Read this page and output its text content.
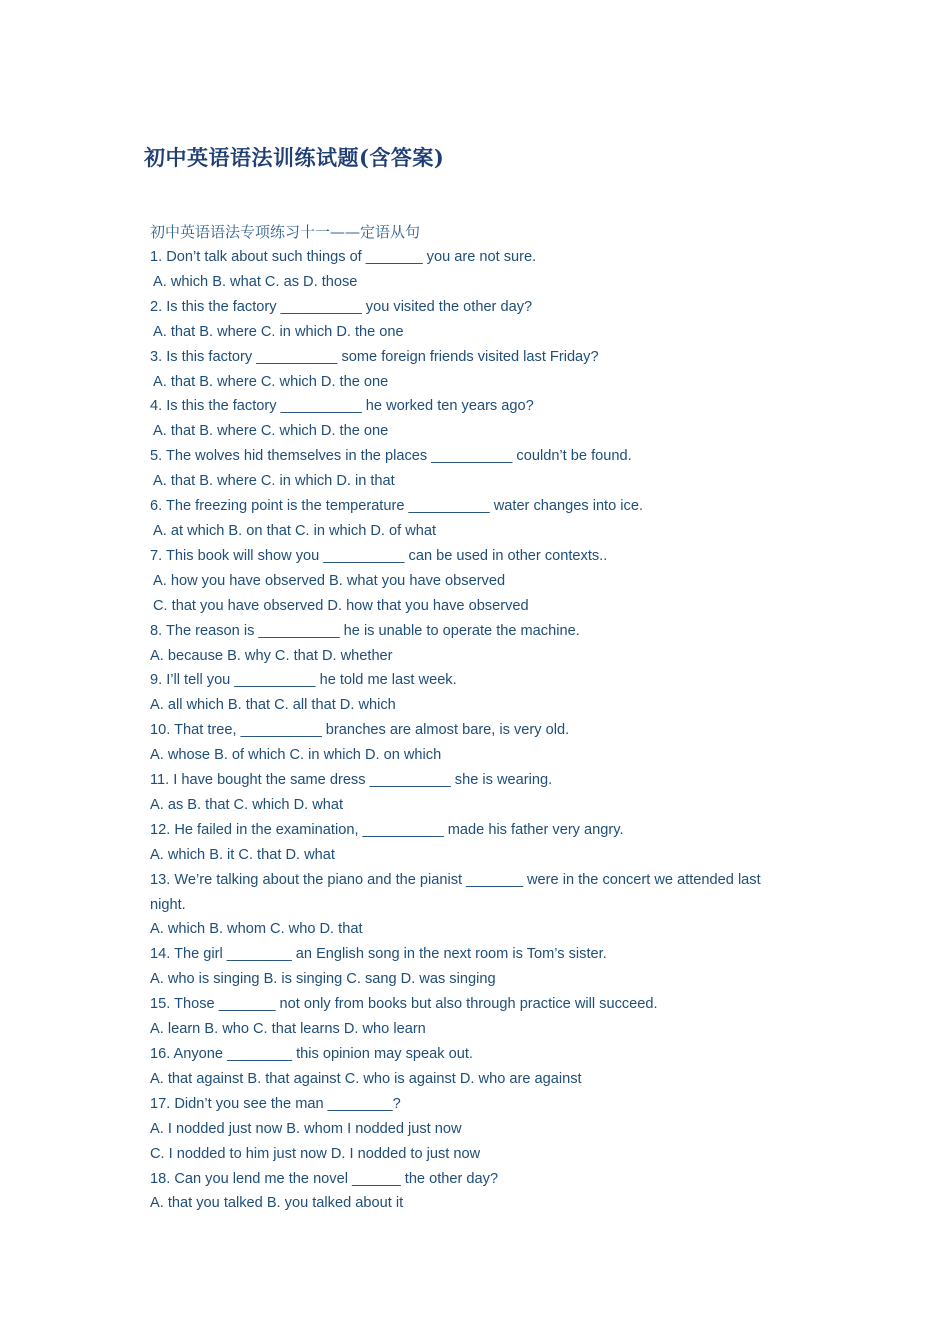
初中英语语法训练试题(含答案)
初中英语语法专项练习十一——定语从句
1. Don’t talk about such things of _______ you are not sure.
A. which B. what C. as D. those
2. Is this the factory __________ you visited the other day?
A. that B. where C. in which D. the one
3. Is this factory __________ some foreign friends visited last Friday?
A. that B. where C. which D. the one
4. Is this the factory __________ he worked ten years ago?
A. that B. where C. which D. the one
5. The wolves hid themselves in the places __________ couldn’t be found.
A. that B. where C. in which D. in that
6. The freezing point is the temperature __________ water changes into ice.
A. at which B. on that C. in which D. of what
7. This book will show you __________ can be used in other contexts..
A. how you have observed B. what you have observed
C. that you have observed D. how that you have observed
8. The reason is __________ he is unable to operate the machine.
A. because B. why C. that D. whether
9. I’ll tell you __________ he told me last week.
A. all which B. that C. all that D. which
10. That tree, __________ branches are almost bare, is very old.
A. whose B. of which C. in which D. on which
11. I have bought the same dress __________ she is wearing.
A. as B. that C. which D. what
12. He failed in the examination, __________ made his father very angry.
A. which B. it C. that D. what
13. We’re talking about the piano and the pianist _______ were in the concert we attended last night.
A. which B. whom C. who D. that
14. The girl ________ an English song in the next room is Tom’s sister.
A. who is singing B. is singing C. sang D. was singing
15. Those _______ not only from books but also through practice will succeed.
A. learn B. who C. that learns D. who learn
16. Anyone ________ this opinion may speak out.
A. that against B. that against C. who is against D. who are against
17. Didn’t you see the man ________?
A. I nodded just now B. whom I nodded just now
C. I nodded to him just now D. I nodded to just now
18. Can you lend me the novel ______ the other day?
A. that you talked B. you talked about it
